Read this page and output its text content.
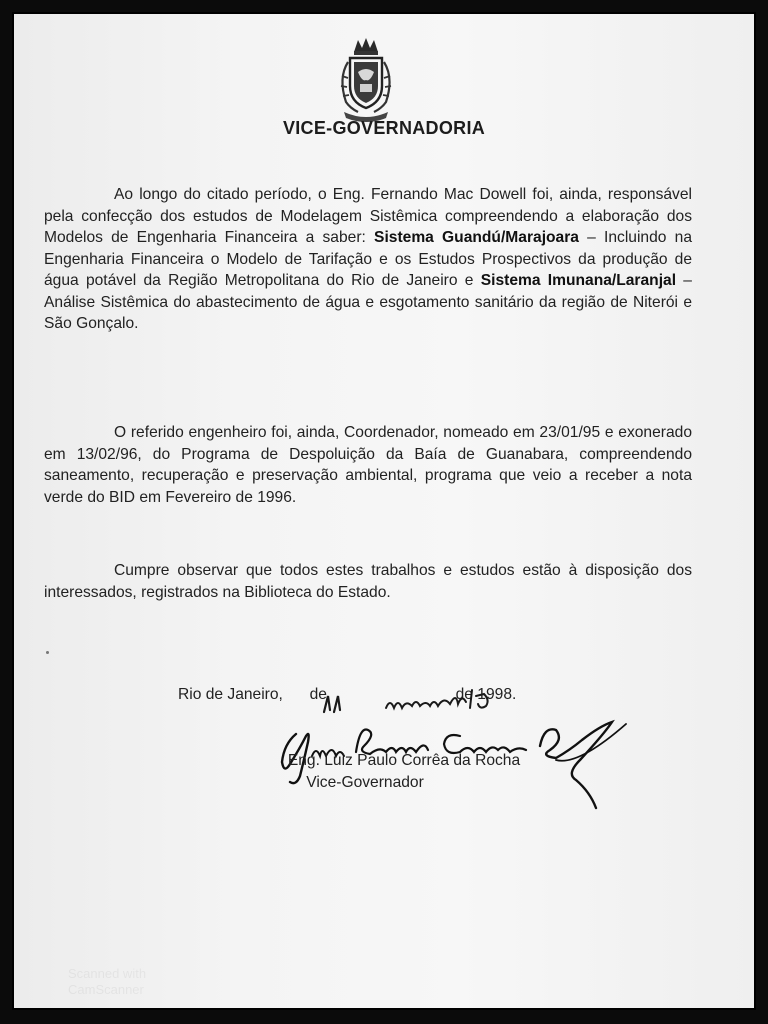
VICE-GOVERNADORIA

Ao longo do citado período, o Eng. Fernando Mac Dowell foi, ainda, responsável pela confecção dos estudos de Modelagem Sistêmica compreendendo a elaboração dos Modelos de Engenharia Financeira a saber: Sistema Guandú/Marajoara – Incluindo na Engenharia Financeira o Modelo de Tarifação e os Estudos Prospectivos da produção de água potável da Região Metropolitana do Rio de Janeiro e Sistema Imunana/Laranjal – Análise Sistêmica do abastecimento de água e esgotamento sanitário da região de Niterói e São Gonçalo.

O referido engenheiro foi, ainda, Coordenador, nomeado em 23/01/95 e exonerado em 13/02/96, do Programa de Despoluição da Baía de Guanabara, compreendendo saneamento, recuperação e preservação ambiental, programa que veio a receber a nota verde do BID em Fevereiro de 1996.

Cumpre observar que todos estes trabalhos e estudos estão à disposição dos interessados, registrados na Biblioteca do Estado.

Rio de Janeiro, de	de 1998.
Eng. Luiz Paulo Corrêa da Rocha
Vice-Governador
Scanned with
CamScanner
